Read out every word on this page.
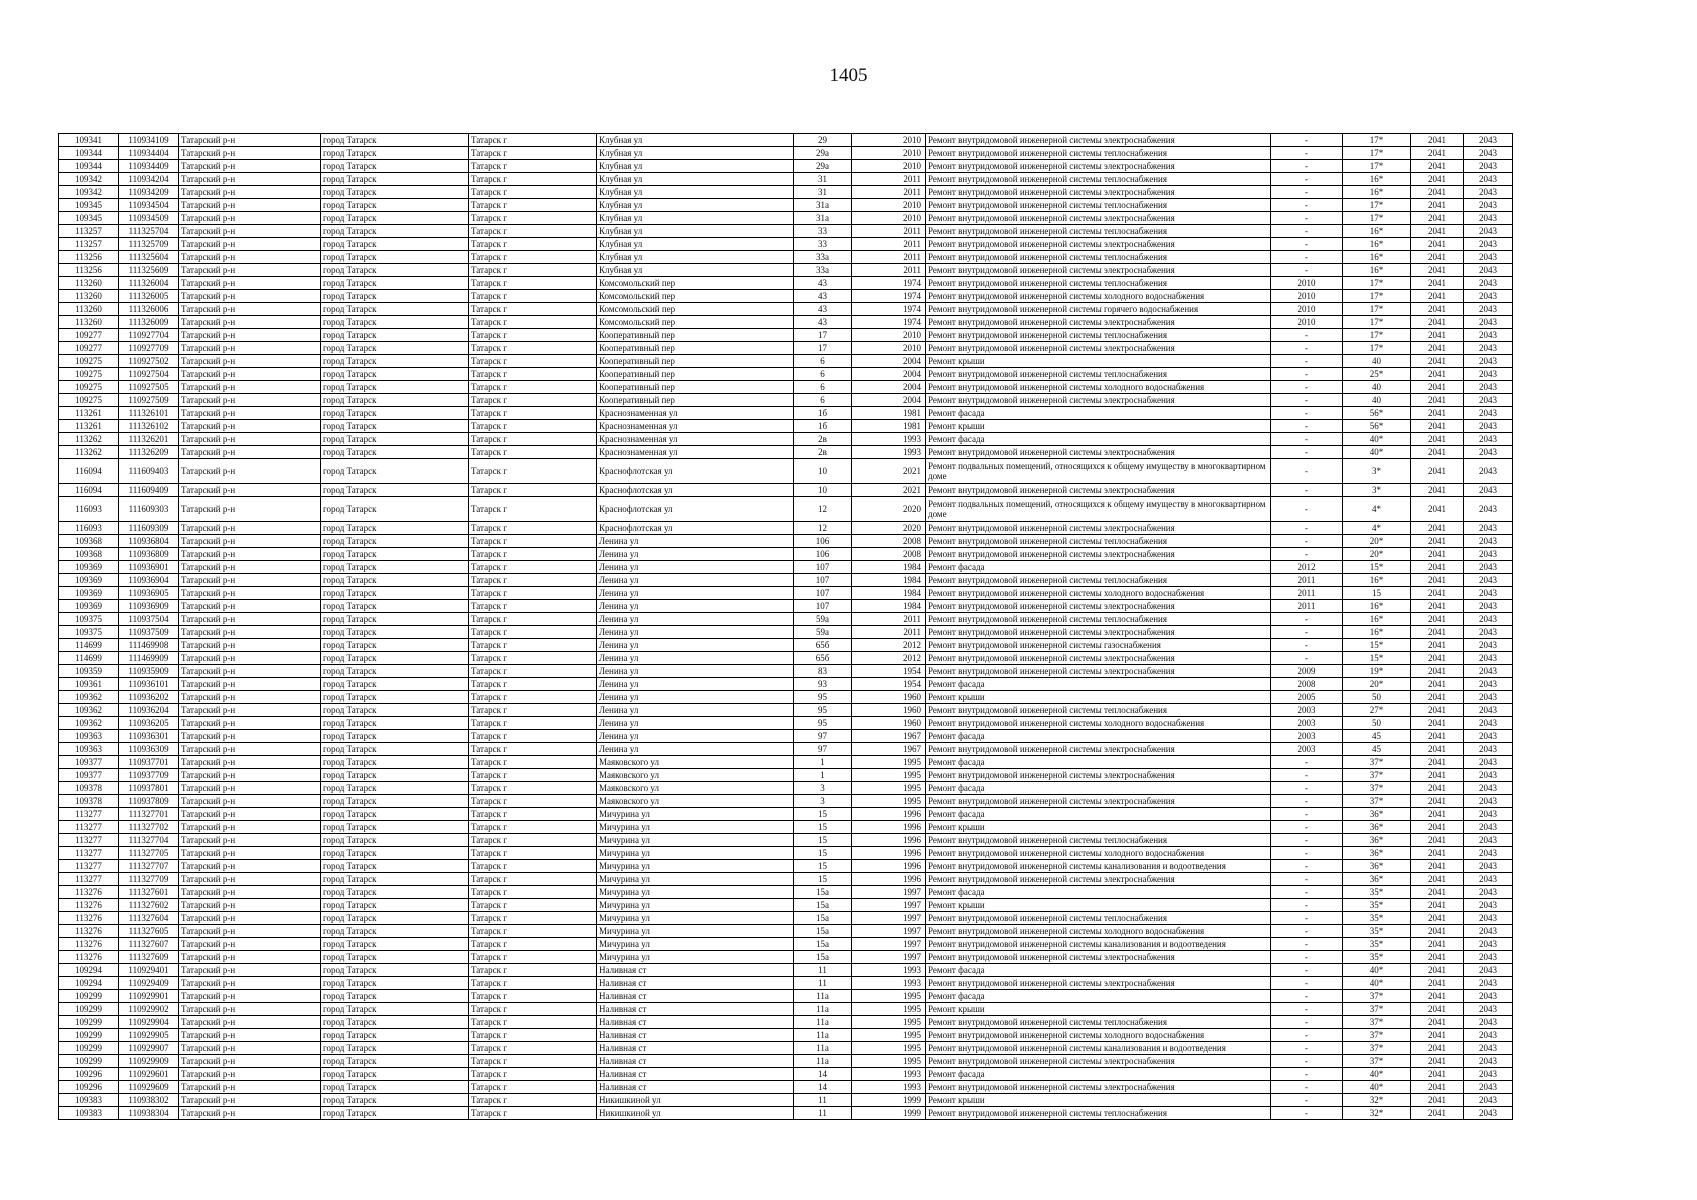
1405
109341	110934109	Татарский р-н	город Татарск	Татарск г	Клубная ул	29	2010	Ремонт внутридомовой инженерной системы электроснабжения	-	17*	2041	2043
109344	110934404	Татарский р-н	город Татарск	Татарск г	Клубная ул	29а	2010	Ремонт внутридомовой инженерной системы теплоснабжения	-	17*	2041	2043
109344	110934409	Татарский р-н	город Татарск	Татарск г	Клубная ул	29а	2010	Ремонт внутридомовой инженерной системы электроснабжения	-	17*	2041	2043
109342	110934204	Татарский р-н	город Татарск	Татарск г	Клубная ул	31	2011	Ремонт внутридомовой инженерной системы теплоснабжения	-	16*	2041	2043
109342	110934209	Татарский р-н	город Татарск	Татарск г	Клубная ул	31	2011	Ремонт внутридомовой инженерной системы электроснабжения	-	16*	2041	2043
109345	110934504	Татарский р-н	город Татарск	Татарск г	Клубная ул	31а	2010	Ремонт внутридомовой инженерной системы теплоснабжения	-	17*	2041	2043
109345	110934509	Татарский р-н	город Татарск	Татарск г	Клубная ул	31а	2010	Ремонт внутридомовой инженерной системы электроснабжения	-	17*	2041	2043
113257	111325704	Татарский р-н	город Татарск	Татарск г	Клубная ул	33	2011	Ремонт внутридомовой инженерной системы теплоснабжения	-	16*	2041	2043
113257	111325709	Татарский р-н	город Татарск	Татарск г	Клубная ул	33	2011	Ремонт внутридомовой инженерной системы электроснабжения	-	16*	2041	2043
113256	111325604	Татарский р-н	город Татарск	Татарск г	Клубная ул	33а	2011	Ремонт внутридомовой инженерной системы теплоснабжения	-	16*	2041	2043
113256	111325609	Татарский р-н	город Татарск	Татарск г	Клубная ул	33а	2011	Ремонт внутридомовой инженерной системы электроснабжения	-	16*	2041	2043
113260	111326004	Татарский р-н	город Татарск	Татарск г	Комсомольский пер	43	1974	Ремонт внутридомовой инженерной системы теплоснабжения	2010	17*	2041	2043
113260	111326005	Татарский р-н	город Татарск	Татарск г	Комсомольский пер	43	1974	Ремонт внутридомовой инженерной системы холодного водоснабжения	2010	17*	2041	2043
113260	111326006	Татарский р-н	город Татарск	Татарск г	Комсомольский пер	43	1974	Ремонт внутридомовой инженерной системы горячего водоснабжения	2010	17*	2041	2043
113260	111326009	Татарский р-н	город Татарск	Татарск г	Комсомольский пер	43	1974	Ремонт внутридомовой инженерной системы электроснабжения	2010	17*	2041	2043
109277	110927704	Татарский р-н	город Татарск	Татарск г	Кооперативный пер	17	2010	Ремонт внутридомовой инженерной системы теплоснабжения	-	17*	2041	2043
109277	110927709	Татарский р-н	город Татарск	Татарск г	Кооперативный пер	17	2010	Ремонт внутридомовой инженерной системы электроснабжения	-	17*	2041	2043
109275	110927502	Татарский р-н	город Татарск	Татарск г	Кооперативный пер	6	2004	Ремонт крыши	-	40	2041	2043
109275	110927504	Татарский р-н	город Татарск	Татарск г	Кооперативный пер	6	2004	Ремонт внутридомовой инженерной системы теплоснабжения	-	25*	2041	2043
109275	110927505	Татарский р-н	город Татарск	Татарск г	Кооперативный пер	6	2004	Ремонт внутридомовой инженерной системы холодного водоснабжения	-	40	2041	2043
109275	110927509	Татарский р-н	город Татарск	Татарск г	Кооперативный пер	6	2004	Ремонт внутридомовой инженерной системы электроснабжения	-	40	2041	2043
113261	111326101	Татарский р-н	город Татарск	Татарск г	Краснознаменная ул	1б	1981	Ремонт фасада	-	56*	2041	2043
113261	111326102	Татарский р-н	город Татарск	Татарск г	Краснознаменная ул	1б	1981	Ремонт крыши	-	56*	2041	2043
113262	111326201	Татарский р-н	город Татарск	Татарск г	Краснознаменная ул	2в	1993	Ремонт фасада	-	40*	2041	2043
113262	111326209	Татарский р-н	город Татарск	Татарск г	Краснознаменная ул	2в	1993	Ремонт внутридомовой инженерной системы электроснабжения	-	40*	2041	2043
116094	111609403	Татарский р-н	город Татарск	Татарск г	Краснофлотская ул	10	2021	Ремонт подвальных помещений, относящихся к общему имуществу в многоквартирном доме	-	3*	2041	2043
116094	111609409	Татарский р-н	город Татарск	Татарск г	Краснофлотская ул	10	2021	Ремонт внутридомовой инженерной системы электроснабжения	-	3*	2041	2043
116093	111609303	Татарский р-н	город Татарск	Татарск г	Краснофлотская ул	12	2020	Ремонт подвальных помещений, относящихся к общему имуществу в многоквартирном доме	-	4*	2041	2043
116093	111609309	Татарский р-н	город Татарск	Татарск г	Краснофлотская ул	12	2020	Ремонт внутридомовой инженерной системы электроснабжения	-	4*	2041	2043
109368	110936804	Татарский р-н	город Татарск	Татарск г	Ленина ул	106	2008	Ремонт внутридомовой инженерной системы теплоснабжения	-	20*	2041	2043
109368	110936809	Татарский р-н	город Татарск	Татарск г	Ленина ул	106	2008	Ремонт внутридомовой инженерной системы электроснабжения	-	20*	2041	2043
109369	110936901	Татарский р-н	город Татарск	Татарск г	Ленина ул	107	1984	Ремонт фасада	2012	15*	2041	2043
109369	110936904	Татарский р-н	город Татарск	Татарск г	Ленина ул	107	1984	Ремонт внутридомовой инженерной системы теплоснабжения	2011	16*	2041	2043
109369	110936905	Татарский р-н	город Татарск	Татарск г	Ленина ул	107	1984	Ремонт внутридомовой инженерной системы холодного водоснабжения	2011	15	2041	2043
109369	110936909	Татарский р-н	город Татарск	Татарск г	Ленина ул	107	1984	Ремонт внутридомовой инженерной системы электроснабжения	2011	16*	2041	2043
109375	110937504	Татарский р-н	город Татарск	Татарск г	Ленина ул	59а	2011	Ремонт внутридомовой инженерной системы теплоснабжения	-	16*	2041	2043
109375	110937509	Татарский р-н	город Татарск	Татарск г	Ленина ул	59а	2011	Ремонт внутридомовой инженерной системы электроснабжения	-	16*	2041	2043
114699	111469908	Татарский р-н	город Татарск	Татарск г	Ленина ул	65б	2012	Ремонт внутридомовой инженерной системы газоснабжения	-	15*	2041	2043
114699	111469909	Татарский р-н	город Татарск	Татарск г	Ленина ул	65б	2012	Ремонт внутридомовой инженерной системы электроснабжения	-	15*	2041	2043
109359	110935909	Татарский р-н	город Татарск	Татарск г	Ленина ул	83	1954	Ремонт внутридомовой инженерной системы электроснабжения	2009	19*	2041	2043
109361	110936101	Татарский р-н	город Татарск	Татарск г	Ленина ул	93	1954	Ремонт фасада	2008	20*	2041	2043
109362	110936202	Татарский р-н	город Татарск	Татарск г	Ленина ул	95	1960	Ремонт крыши	2005	50	2041	2043
109362	110936204	Татарский р-н	город Татарск	Татарск г	Ленина ул	95	1960	Ремонт внутридомовой инженерной системы теплоснабжения	2003	27*	2041	2043
109362	110936205	Татарский р-н	город Татарск	Татарск г	Ленина ул	95	1960	Ремонт внутридомовой инженерной системы холодного водоснабжения	2003	50	2041	2043
109363	110936301	Татарский р-н	город Татарск	Татарск г	Ленина ул	97	1967	Ремонт фасада	2003	45	2041	2043
109363	110936309	Татарский р-н	город Татарск	Татарск г	Ленина ул	97	1967	Ремонт внутридомовой инженерной системы электроснабжения	2003	45	2041	2043
109377	110937701	Татарский р-н	город Татарск	Татарск г	Маяковского ул	1	1995	Ремонт фасада	-	37*	2041	2043
109377	110937709	Татарский р-н	город Татарск	Татарск г	Маяковского ул	1	1995	Ремонт внутридомовой инженерной системы электроснабжения	-	37*	2041	2043
109378	110937801	Татарский р-н	город Татарск	Татарск г	Маяковского ул	3	1995	Ремонт фасада	-	37*	2041	2043
109378	110937809	Татарский р-н	город Татарск	Татарск г	Маяковского ул	3	1995	Ремонт внутридомовой инженерной системы электроснабжения	-	37*	2041	2043
113277	111327701	Татарский р-н	город Татарск	Татарск г	Мичурина ул	15	1996	Ремонт фасада	-	36*	2041	2043
113277	111327702	Татарский р-н	город Татарск	Татарск г	Мичурина ул	15	1996	Ремонт крыши	-	36*	2041	2043
113277	111327704	Татарский р-н	город Татарск	Татарск г	Мичурина ул	15	1996	Ремонт внутридомовой инженерной системы теплоснабжения	-	36*	2041	2043
113277	111327705	Татарский р-н	город Татарск	Татарск г	Мичурина ул	15	1996	Ремонт внутридомовой инженерной системы холодного водоснабжения	-	36*	2041	2043
113277	111327707	Татарский р-н	город Татарск	Татарск г	Мичурина ул	15	1996	Ремонт внутридомовой инженерной системы канализования и водоотведения	-	36*	2041	2043
113277	111327709	Татарский р-н	город Татарск	Татарск г	Мичурина ул	15	1996	Ремонт внутридомовой инженерной системы электроснабжения	-	36*	2041	2043
113276	111327601	Татарский р-н	город Татарск	Татарск г	Мичурина ул	15а	1997	Ремонт фасада	-	35*	2041	2043
113276	111327602	Татарский р-н	город Татарск	Татарск г	Мичурина ул	15а	1997	Ремонт крыши	-	35*	2041	2043
113276	111327604	Татарский р-н	город Татарск	Татарск г	Мичурина ул	15а	1997	Ремонт внутридомовой инженерной системы теплоснабжения	-	35*	2041	2043
113276	111327605	Татарский р-н	город Татарск	Татарск г	Мичурина ул	15а	1997	Ремонт внутридомовой инженерной системы холодного водоснабжения	-	35*	2041	2043
113276	111327607	Татарский р-н	город Татарск	Татарск г	Мичурина ул	15а	1997	Ремонт внутридомовой инженерной системы канализования и водоотведения	-	35*	2041	2043
113276	111327609	Татарский р-н	город Татарск	Татарск г	Мичурина ул	15а	1997	Ремонт внутридомовой инженерной системы электроснабжения	-	35*	2041	2043
109294	110929401	Татарский р-н	город Татарск	Татарск г	Наливная ст	11	1993	Ремонт фасада	-	40*	2041	2043
109294	110929409	Татарский р-н	город Татарск	Татарск г	Наливная ст	11	1993	Ремонт внутридомовой инженерной системы электроснабжения	-	40*	2041	2043
109299	110929901	Татарский р-н	город Татарск	Татарск г	Наливная ст	11а	1995	Ремонт фасада	-	37*	2041	2043
109299	110929902	Татарский р-н	город Татарск	Татарск г	Наливная ст	11а	1995	Ремонт крыши	-	37*	2041	2043
109299	110929904	Татарский р-н	город Татарск	Татарск г	Наливная ст	11а	1995	Ремонт внутридомовой инженерной системы теплоснабжения	-	37*	2041	2043
109299	110929905	Татарский р-н	город Татарск	Татарск г	Наливная ст	11а	1995	Ремонт внутридомовой инженерной системы холодного водоснабжения	-	37*	2041	2043
109299	110929907	Татарский р-н	город Татарск	Татарск г	Наливная ст	11а	1995	Ремонт внутридомовой инженерной системы канализования и водоотведения	-	37*	2041	2043
109299	110929909	Татарский р-н	город Татарск	Татарск г	Наливная ст	11а	1995	Ремонт внутридомовой инженерной системы электроснабжения	-	37*	2041	2043
109296	110929601	Татарский р-н	город Татарск	Татарск г	Наливная ст	14	1993	Ремонт фасада	-	40*	2041	2043
109296	110929609	Татарский р-н	город Татарск	Татарск г	Наливная ст	14	1993	Ремонт внутридомовой инженерной системы электроснабжения	-	40*	2041	2043
109383	110938302	Татарский р-н	город Татарск	Татарск г	Никишкиной ул	11	1999	Ремонт крыши	-	32*	2041	2043
109383	110938304	Татарский р-н	город Татарск	Татарск г	Никишкиной ул	11	1999	Ремонт внутридомовой инженерной системы теплоснабжения	-	32*	2041	2043
